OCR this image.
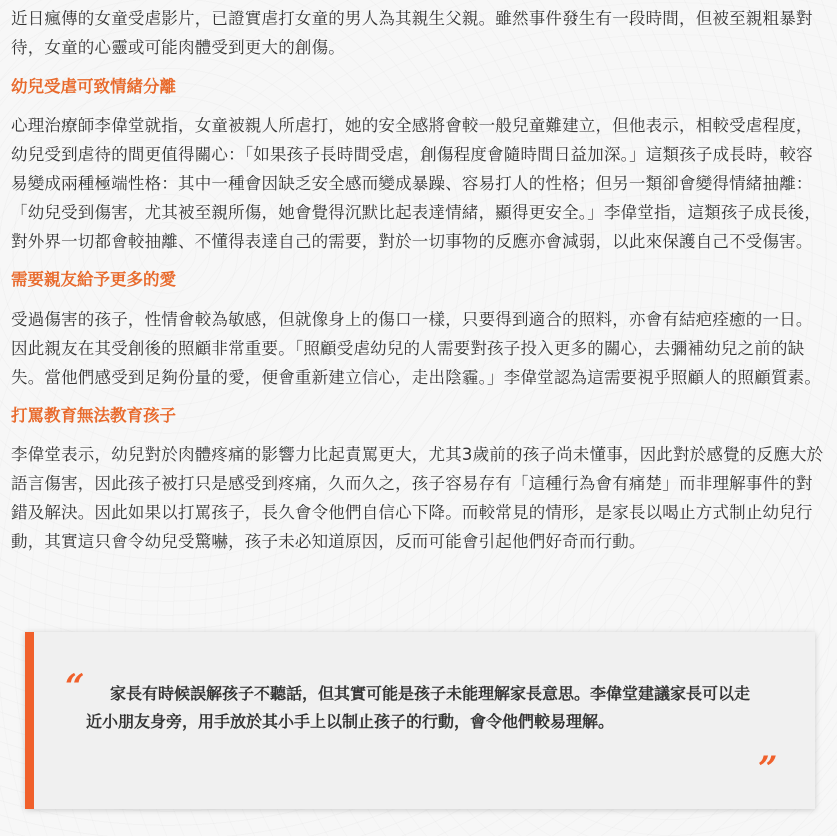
近日瘋傳的女童受虐影片，已證實虐打女童的男人為其親生父親。雖然事件發生有一段時間，但被至親粗暴對待，女童的心靈或可能肉體受到更大的創傷。

幼兒受虐可致情緒分離

心理治療師李偉堂就指，女童被親人所虐打，她的安全感將會較一般兒童難建立，但他表示，相較受虐程度，幼兒受到虐待的間更值得關心：「如果孩子長時間受虐，創傷程度會隨時間日益加深。」這類孩子成長時，較容易變成兩種極端性格：其中一種會因缺乏安全感而變成暴躁、容易打人的性格；但另一類卻會變得情緒抽離：「幼兒受到傷害，尤其被至親所傷，她會覺得沉默比起表達情緒，顯得更安全。」李偉堂指，這類孩子成長後，對外界一切都會較抽離、不懂得表達自己的需要，對於一切事物的反應亦會減弱，以此來保護自己不受傷害。

需要親友給予更多的愛

受過傷害的孩子，性情會較為敏感，但就像身上的傷口一樣，只要得到適合的照料，亦會有結疤痊癒的一日。因此親友在其受創後的照顧非常重要。「照顧受虐幼兒的人需要對孩子投入更多的關心，去彌補幼兒之前的缺失。當他們感受到足夠份量的愛，便會重新建立信心，走出陰霾。」李偉堂認為這需要視乎照顧人的照顧質素。

打罵教育無法教育孩子

李偉堂表示，幼兒對於肉體疼痛的影響力比起責罵更大，尤其3歲前的孩子尚未懂事，因此對於感覺的反應大於語言傷害，因此孩子被打只是感受到疼痛，久而久之，孩子容易存有「這種行為會有痛楚」而非理解事件的對錯及解決。因此如果以打罵孩子，長久會令他們自信心下降。而較常見的情形，是家長以喝止方式制止幼兒行動，其實這只會令幼兒受驚嚇，孩子未必知道原因，反而可能會引起他們好奇而行動。

“	家長有時候誤解孩子不聽話，但其實可能是孩子未能理解家長意思。李偉堂建議家長可以走近小朋友身旁，用手放於其小手上以制止孩子的行動，會令他們較易理解。

”
